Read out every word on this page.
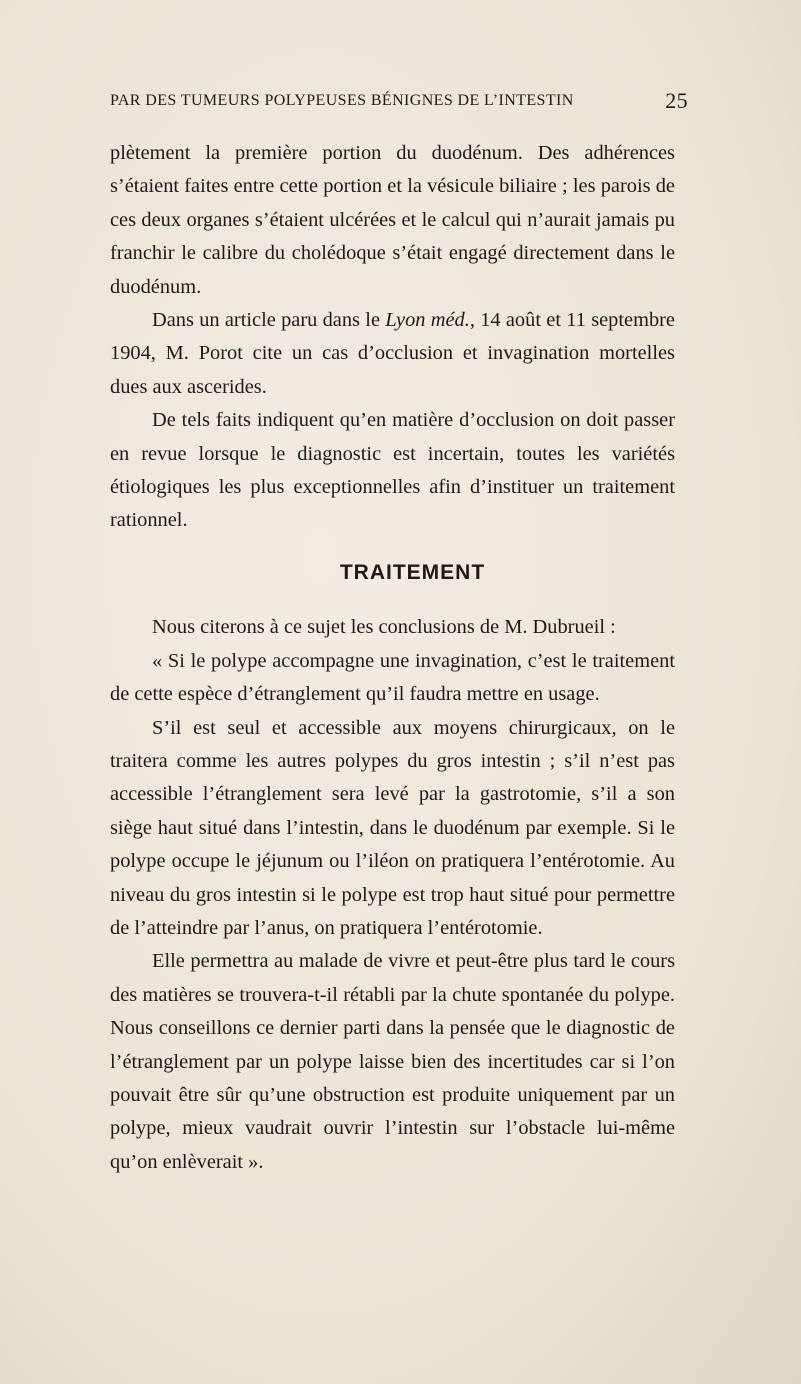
PAR DES TUMEURS POLYPEUSES BÉNIGNES DE L’INTESTIN	25

plètement la première portion du duodénum. Des adhérences s’étaient faites entre cette portion et la vésicule biliaire ; les parois de ces deux organes s’étaient ulcérées et le calcul qui n’aurait jamais pu franchir le calibre du cholédoque s’était engagé directement dans le duodénum.

Dans un article paru dans le Lyon méd., 14 août et 11 septembre 1904, M. Porot cite un cas d’occlusion et invagination mortelles dues aux ascerides.

De tels faits indiquent qu’en matière d’occlusion on doit passer en revue lorsque le diagnostic est incertain, toutes les variétés étiologiques les plus exceptionnelles afin d’instituer un traitement rationnel.

TRAITEMENT

Nous citerons à ce sujet les conclusions de M. Dubrueil :

« Si le polype accompagne une invagination, c’est le traitement de cette espèce d’étranglement qu’il faudra mettre en usage.

S’il est seul et accessible aux moyens chirurgicaux, on le traitera comme les autres polypes du gros intestin ; s’il n’est pas accessible l’étranglement sera levé par la gastrotomie, s’il a son siège haut situé dans l’intestin, dans le duodénum par exemple. Si le polype occupe le jéjunum ou l’iléon on pratiquera l’entérotomie. Au niveau du gros intestin si le polype est trop haut situé pour permettre de l’atteindre par l’anus, on pratiquera l’entérotomie.

Elle permettra au malade de vivre et peut-être plus tard le cours des matières se trouvera-t-il rétabli par la chute spontanée du polype. Nous conseillons ce dernier parti dans la pensée que le diagnostic de l’étranglement par un polype laisse bien des incertitudes car si l’on pouvait être sûr qu’une obstruction est produite uniquement par un polype, mieux vaudrait ouvrir l’intestin sur l’obstacle lui-même qu’on enlèverait ».
